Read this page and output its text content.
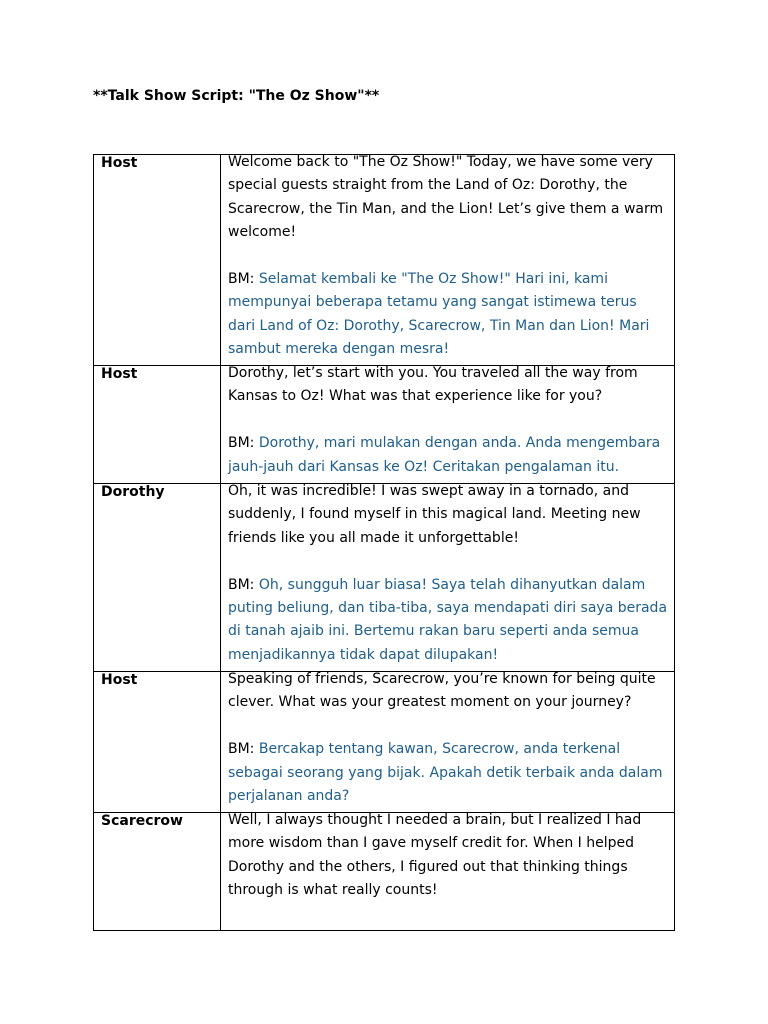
**Talk Show Script: "The Oz Show"**
Host	Welcome back to "The Oz Show!" Today, we have some very special guests straight from the Land of Oz: Dorothy, the Scarecrow, the Tin Man, and the Lion! Let’s give them a warm welcome!

BM: Selamat kembali ke "The Oz Show!" Hari ini, kami mempunyai beberapa tetamu yang sangat istimewa terus dari Land of Oz: Dorothy, Scarecrow, Tin Man dan Lion! Mari sambut mereka dengan mesra!

Host	Dorothy, let’s start with you. You traveled all the way from Kansas to Oz! What was that experience like for you?

BM: Dorothy, mari mulakan dengan anda. Anda mengembara jauh-jauh dari Kansas ke Oz! Ceritakan pengalaman itu.

Dorothy	Oh, it was incredible! I was swept away in a tornado, and suddenly, I found myself in this magical land. Meeting new friends like you all made it unforgettable!

BM: Oh, sungguh luar biasa! Saya telah dihanyutkan dalam puting beliung, dan tiba-tiba, saya mendapati diri saya berada di tanah ajaib ini. Bertemu rakan baru seperti anda semua menjadikannya tidak dapat dilupakan!

Host	Speaking of friends, Scarecrow, you’re known for being quite clever. What was your greatest moment on your journey?

BM: Bercakap tentang kawan, Scarecrow, anda terkenal sebagai seorang yang bijak. Apakah detik terbaik anda dalam perjalanan anda?

Scarecrow	Well, I always thought I needed a brain, but I realized I had more wisdom than I gave myself credit for. When I helped Dorothy and the others, I figured out that thinking things through is what really counts!
